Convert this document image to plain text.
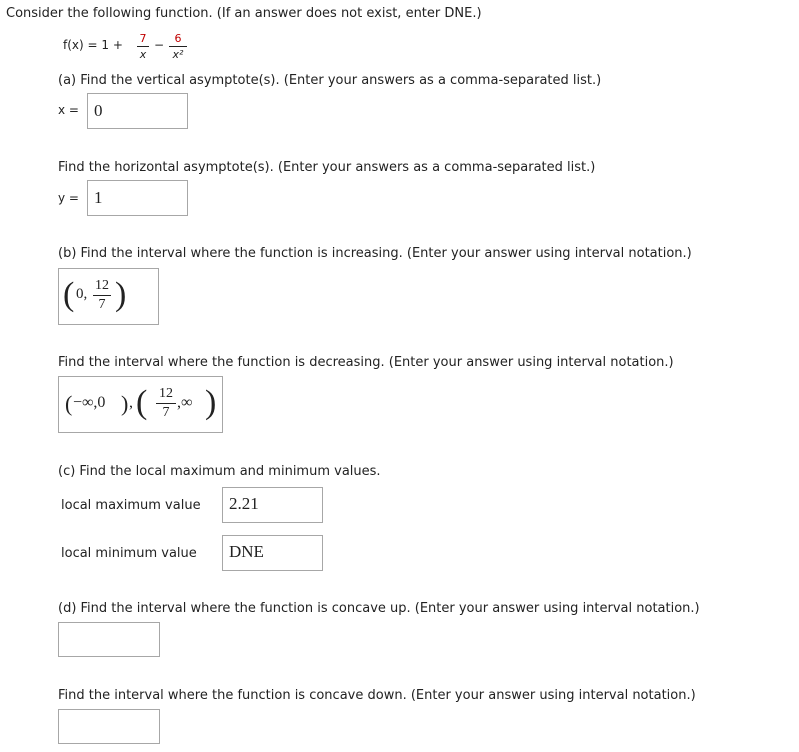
Consider the following function. (If an answer does not exist, enter DNE.)
f(x) = 1 + 7
x
− 6
x²
(a) Find the vertical asymptote(s). (Enter your answers as a comma-separated list.)
x = 0
Find the horizontal asymptote(s). (Enter your answers as a comma-separated list.)
y = 1
(b) Find the interval where the function is increasing. (Enter your answer using interval notation.)
( 0,
12
7 )
Find the interval where the function is decreasing. (Enter your answer using interval notation.)
( −∞,0 ) , ( 12
7
,∞ )
(c) Find the local maximum and minimum values.
local maximum value 2.21
local minimum value DNE
(d) Find the interval where the function is concave up. (Enter your answer using interval notation.)
Find the interval where the function is concave down. (Enter your answer using interval notation.)
